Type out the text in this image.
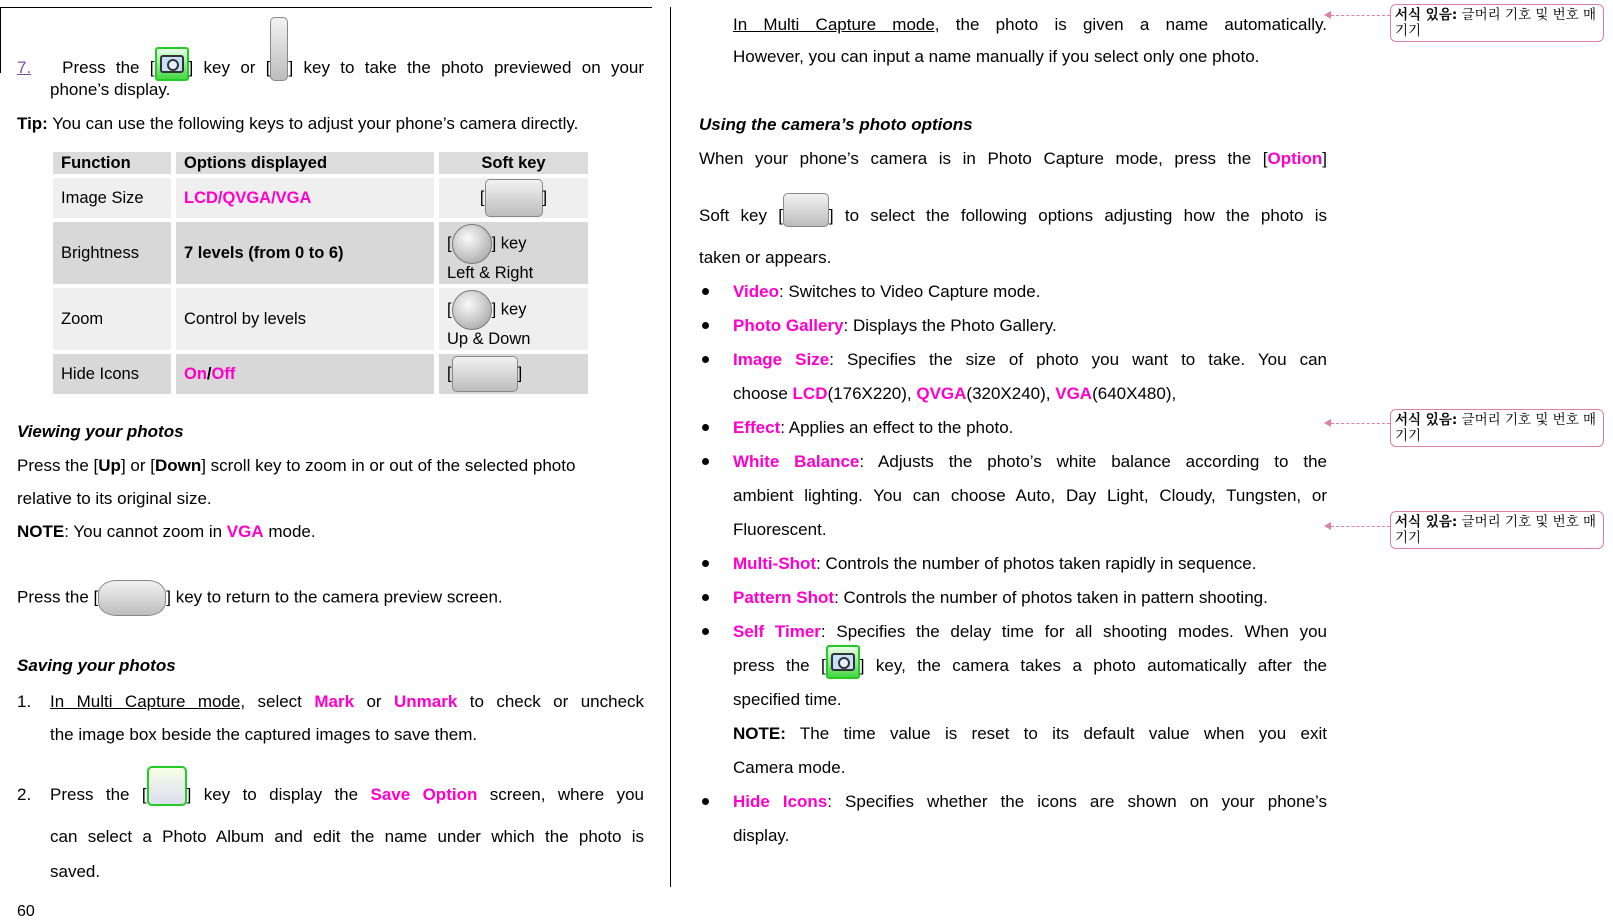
7. Press the [ ] key or [ ] key to take the photo previewed on your
phone’s display.
Tip: You can use the following keys to adjust your phone’s camera directly.
Function	Options displayed	Soft key
Image Size	LCD/QVGA/VGA	[ ]
Brightness	7 levels (from 0 to 6)	[ ] key
Left & Right
Zoom	Control by levels	[ ] key
Up & Down
Hide Icons	On/Off	[ ]
Viewing your photos
Press the [Up] or [Down] scroll key to zoom in or out of the selected photo
relative to its original size.
NOTE: You cannot zoom in VGA mode.
Press the [	] key to return to the camera preview screen.
Saving your photos
1. In Multi Capture mode, select Mark or Unmark to check or uncheck
the image box beside the captured images to save them.
2. Press the [ ] key to display the Save Option screen, where you
can select a Photo Album and edit the name under which the photo is
saved.
60
In Multi Capture mode, the photo is given a name automatically.
However, you can input a name manually if you select only one photo.
Using the camera’s photo options
When your phone’s camera is in Photo Capture mode, press the [Option]
Soft key [	] to select the following options adjusting how the photo is
taken or appears.
Video: Switches to Video Capture mode.
Photo Gallery: Displays the Photo Gallery.
Image Size: Specifies the size of photo you want to take. You can
choose LCD(176X220), QVGA(320X240), VGA(640X480),
Effect: Applies an effect to the photo.
White Balance: Adjusts the photo’s white balance according to the
ambient lighting. You can choose Auto, Day Light, Cloudy, Tungsten, or
Fluorescent.
Multi-Shot: Controls the number of photos taken rapidly in sequence.
Pattern Shot: Controls the number of photos taken in pattern shooting.
Self Timer: Specifies the delay time for all shooting modes. When you
press the [ ] key, the camera takes a photo automatically after the
specified time.
NOTE: The time value is reset to its default value when you exit
Camera mode.
Hide Icons: Specifies whether the icons are shown on your phone’s
display.
서식 있음: 글머리 기호 및 번호 매기기
서식 있음: 글머리 기호 및 번호 매기기
서식 있음: 글머리 기호 및 번호 매기기
